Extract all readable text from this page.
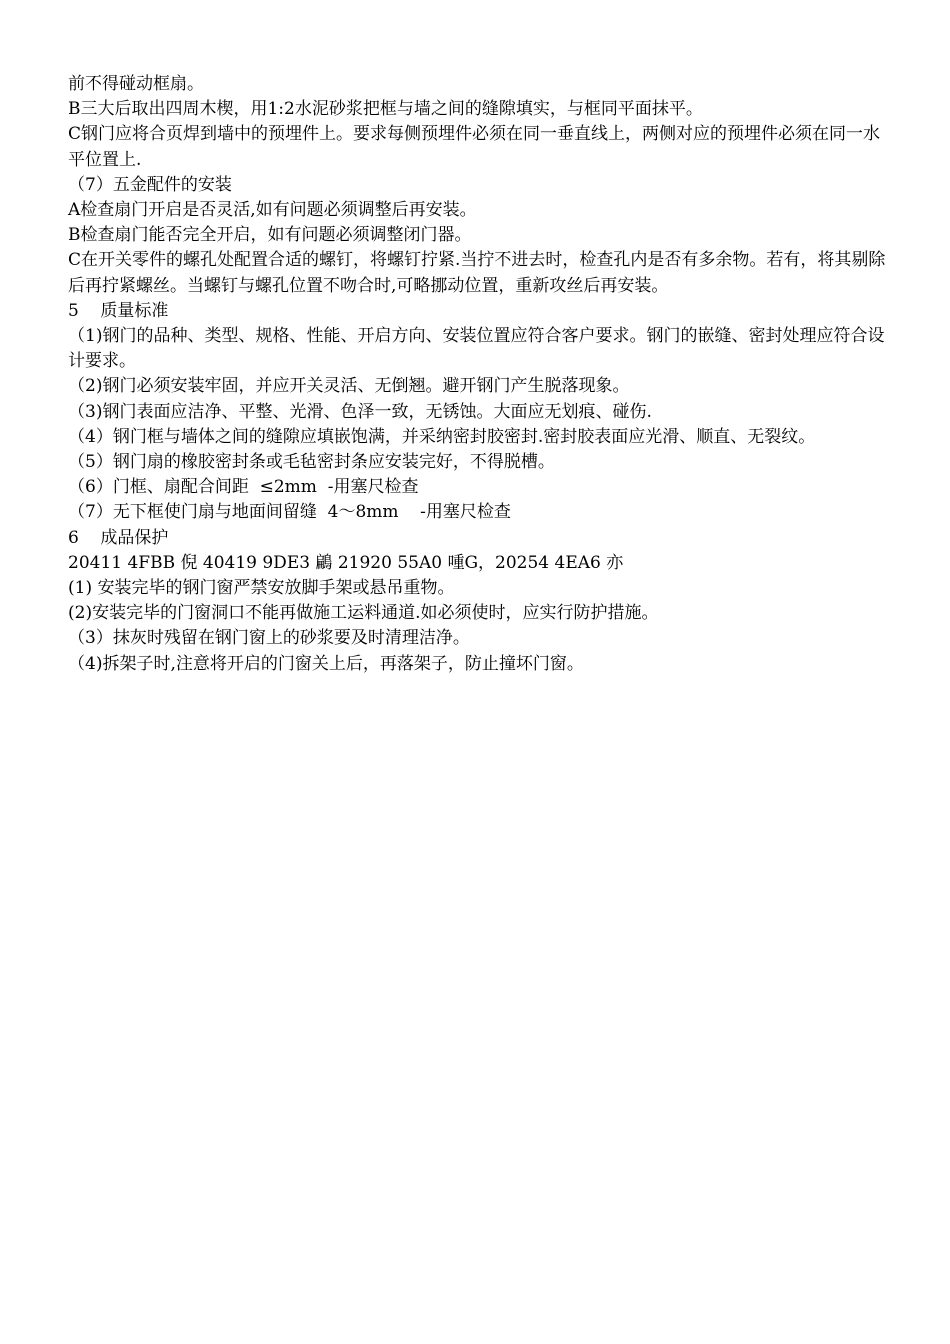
前不得碰动框扇。

B三大后取出四周木楔，用1:2水泥砂浆把框与墙之间的缝隙填实，与框同平面抹平。

C钢门应将合页焊到墙中的预埋件上。要求每侧预埋件必须在同一垂直线上，两侧对应的预埋件必须在同一水平位置上.

（7）五金配件的安装

A检查扇门开启是否灵活,如有问题必须调整后再安装。

B检查扇门能否完全开启，如有问题必须调整闭门器。

C在开关零件的螺孔处配置合适的螺钉，将螺钉拧紧.当拧不进去时，检查孔内是否有多余物。若有，将其剔除后再拧紧螺丝。当螺钉与螺孔位置不吻合时,可略挪动位置，重新攻丝后再安装。

5    质量标准

（1)钢门的品种、类型、规格、性能、开启方向、安装位置应符合客户要求。钢门的嵌缝、密封处理应符合设计要求。

（2)钢门必须安装牢固，并应开关灵活、无倒翘。避开钢门产生脱落现象。

（3)钢门表面应洁净、平整、光滑、色泽一致，无锈蚀。大面应无划痕、碰伤.

（4）钢门框与墙体之间的缝隙应填嵌饱满，并采纳密封胶密封.密封胶表面应光滑、顺直、无裂纹。

（5）钢门扇的橡胶密封条或毛毡密封条应安装完好，不得脱槽。

（6）门框、扇配合间距  ≤2mm  -用塞尺检查

（7）无下框使门扇与地面间留缝  4～8mm    -用塞尺检查

6    成品保护

20411 4FBB 倪 40419 9DE3 鶣 21920 55A0 喠G，20254 4EA6 亦

(1) 安装完毕的钢门窗严禁安放脚手架或悬吊重物。

(2)安装完毕的门窗洞口不能再做施工运料通道.如必须使时，应实行防护措施。

（3）抹灰时残留在钢门窗上的砂浆要及时清理洁净。

（4)拆架子时,注意将开启的门窗关上后，再落架子，防止撞坏门窗。
